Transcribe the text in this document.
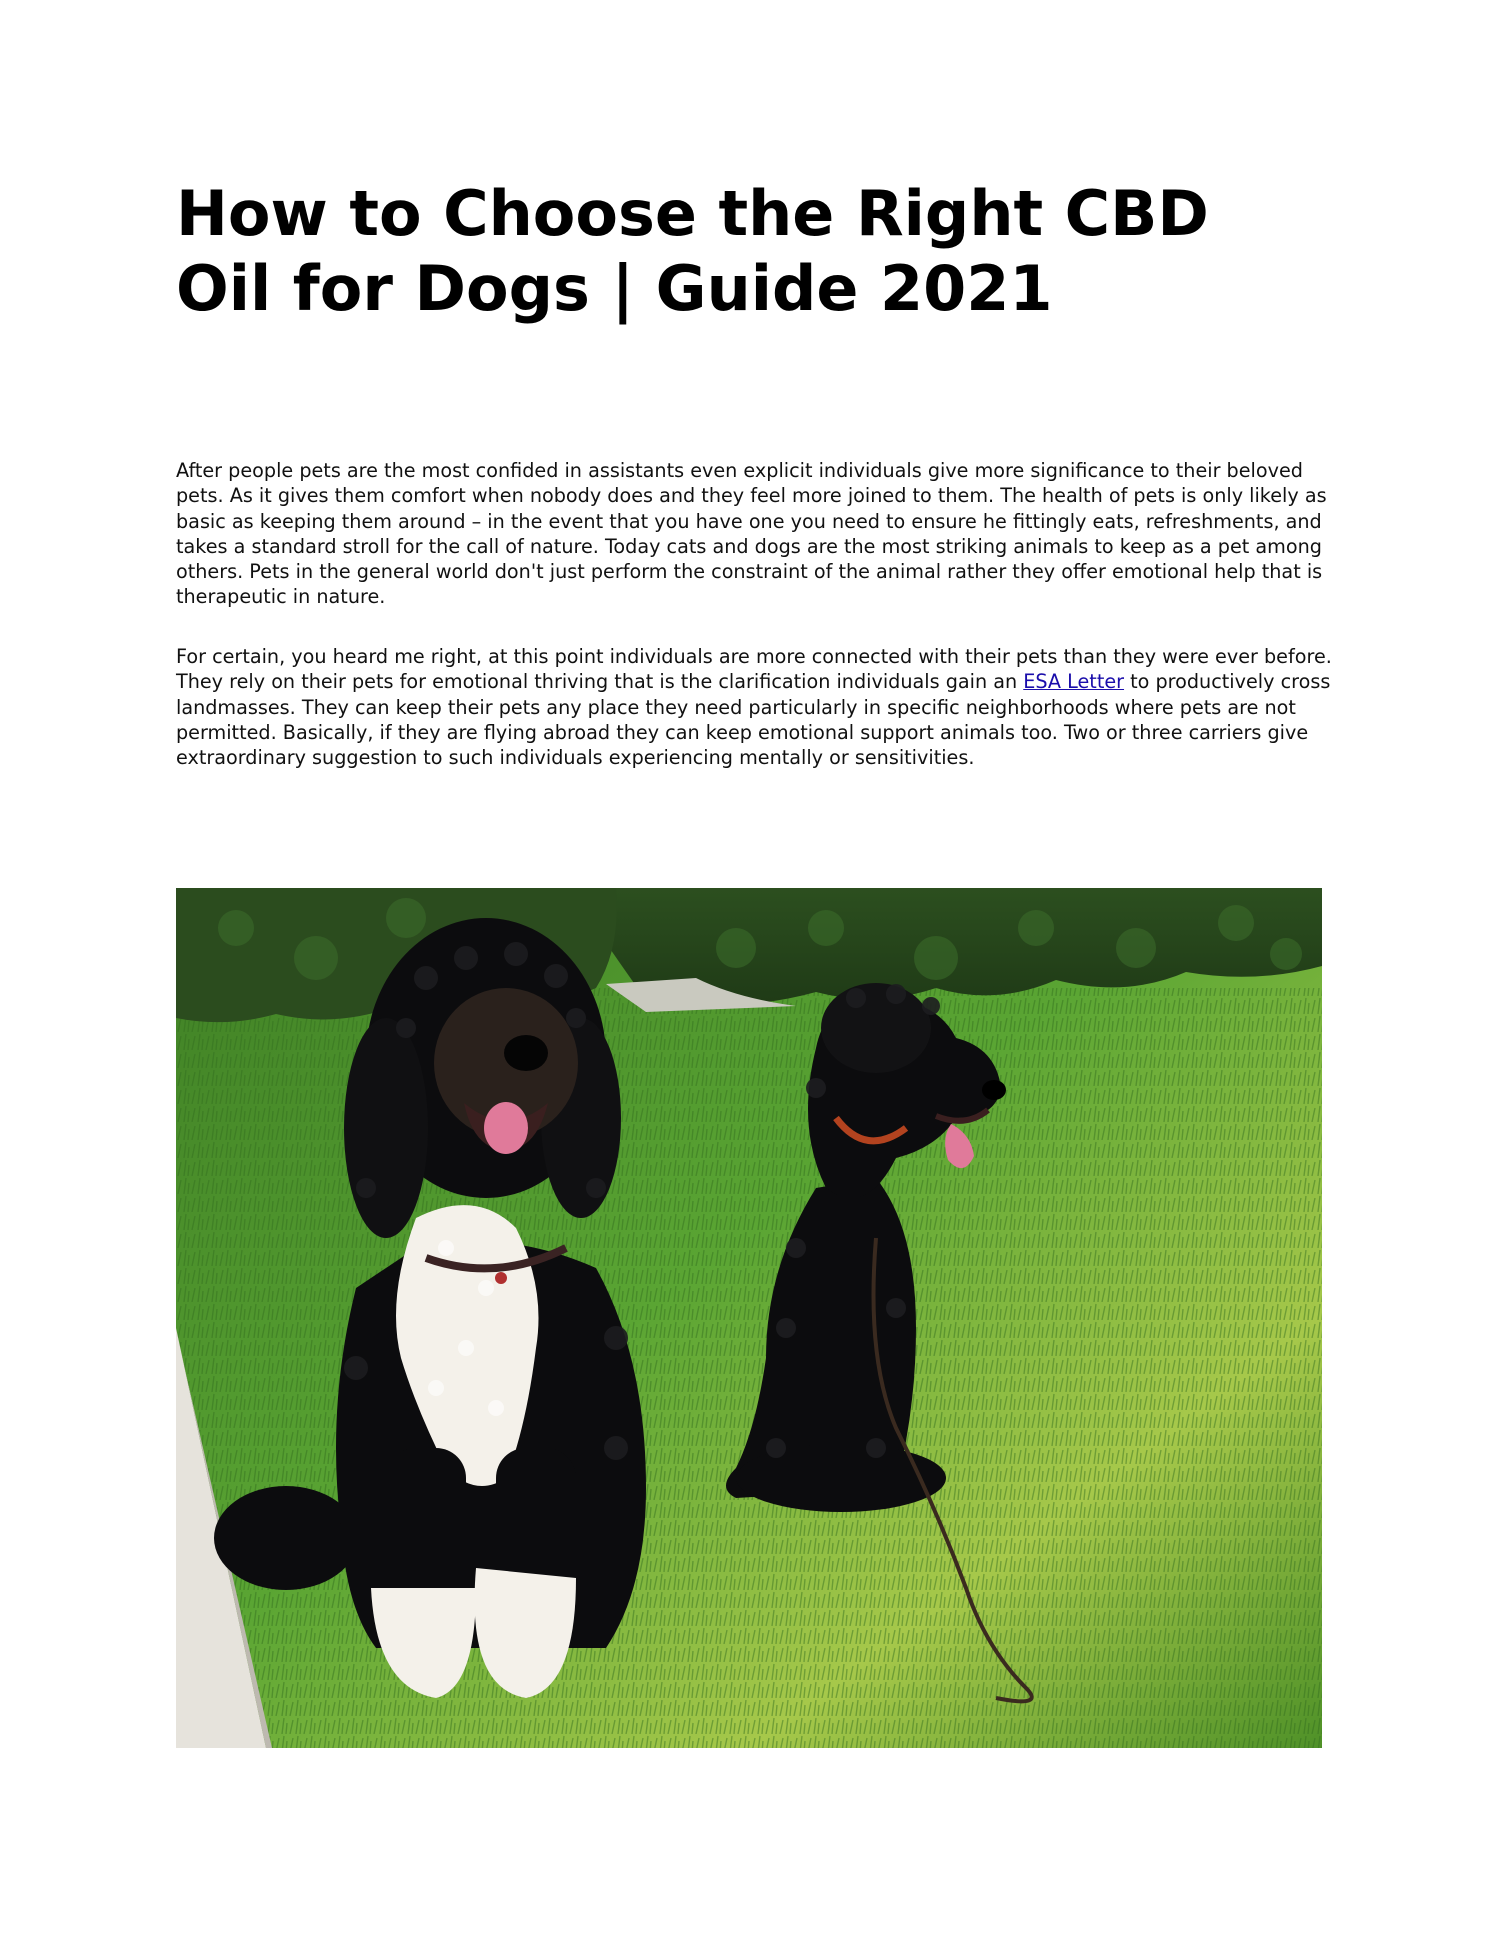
How to Choose the Right CBD Oil for Dogs | Guide 2021

After people pets are the most confided in assistants even explicit individuals give more significance to their beloved pets. As it gives them comfort when nobody does and they feel more joined to them. The health of pets is only likely as basic as keeping them around – in the event that you have one you need to ensure he fittingly eats, refreshments, and takes a standard stroll for the call of nature. Today cats and dogs are the most striking animals to keep as a pet among others. Pets in the general world don't just perform the constraint of the animal rather they offer emotional help that is therapeutic in nature.

For certain, you heard me right, at this point individuals are more connected with their pets than they were ever before. They rely on their pets for emotional thriving that is the clarification individuals gain an ESA Letter to productively cross landmasses. They can keep their pets any place they need particularly in specific neighborhoods where pets are not permitted. Basically, if they are flying abroad they can keep emotional support animals too. Two or three carriers give extraordinary suggestion to such individuals experiencing mentally or sensitivities.
